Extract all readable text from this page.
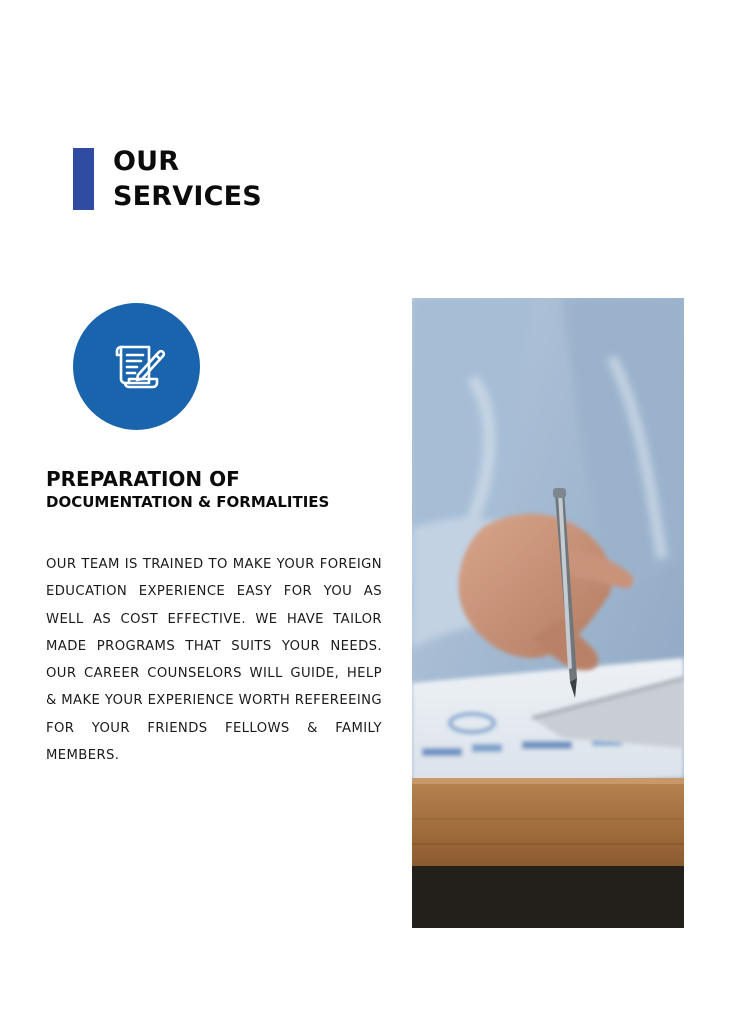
OUR
SERVICES
PREPARATION OF
DOCUMENTATION & FORMALITIES

OUR TEAM IS TRAINED TO MAKE YOUR FOREIGN EDUCATION EXPERIENCE EASY FOR YOU AS WELL AS COST EFFECTIVE. WE HAVE TAILOR MADE PROGRAMS THAT SUITS YOUR NEEDS. OUR CAREER COUNSELORS WILL GUIDE, HELP & MAKE YOUR EXPERIENCE WORTH REFEREEING FOR YOUR FRIENDS FELLOWS & FAMILY MEMBERS.
